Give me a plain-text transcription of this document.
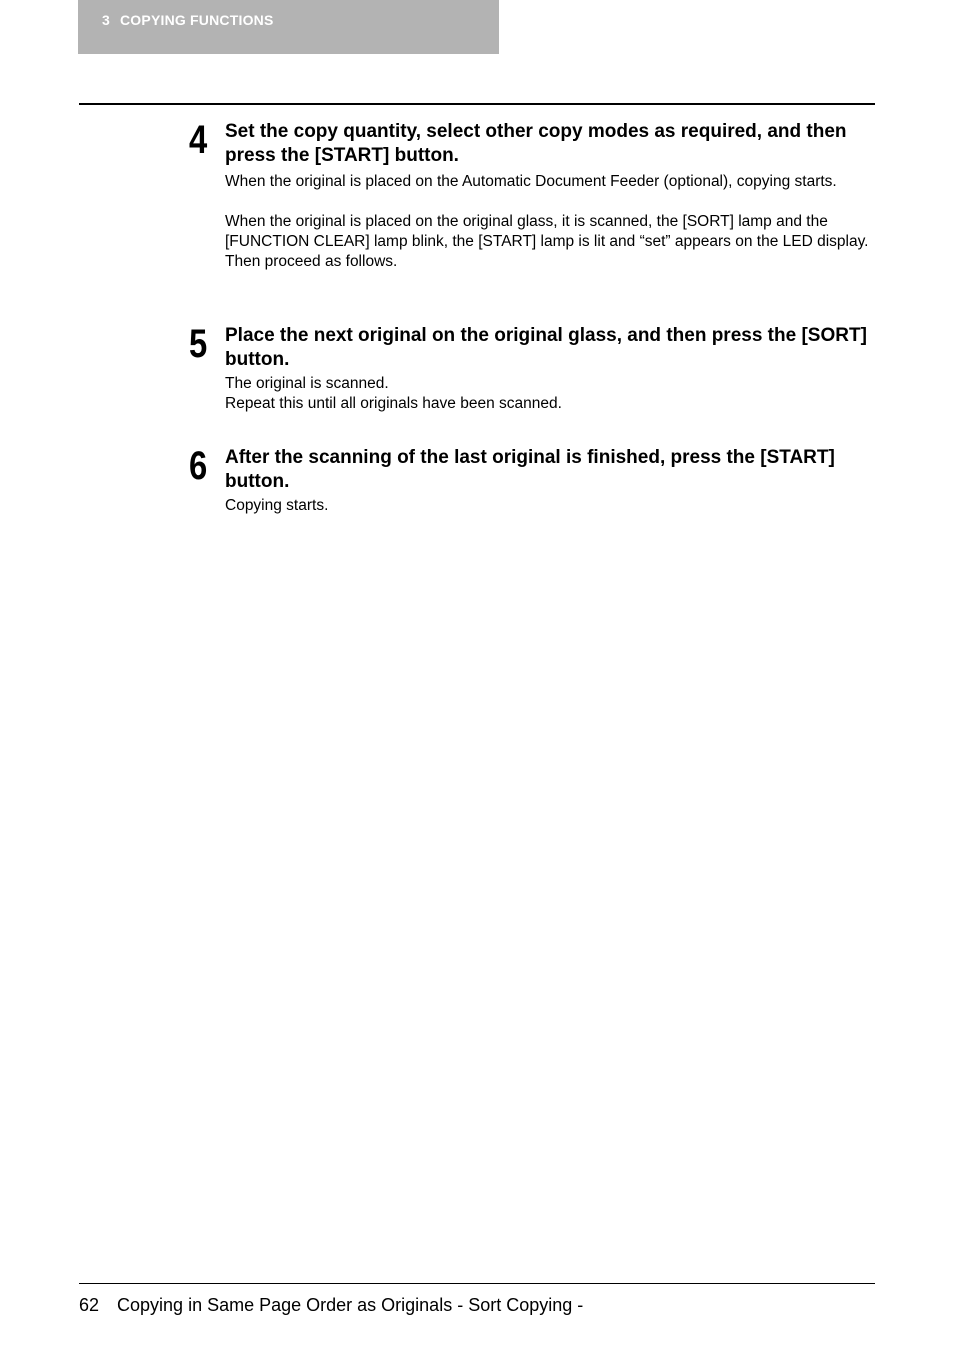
3 COPYING FUNCTIONS
4 Set the copy quantity, select other copy modes as required, and then press the [START] button.

When the original is placed on the Automatic Document Feeder (optional), copying starts.

When the original is placed on the original glass, it is scanned, the [SORT] lamp and the [FUNCTION CLEAR] lamp blink, the [START] lamp is lit and “set” appears on the LED display. Then proceed as follows.

5 Place the next original on the original glass, and then press the [SORT] button.

The original is scanned.

Repeat this until all originals have been scanned.

6 After the scanning of the last original is finished, press the [START] button.

Copying starts.

62 Copying in Same Page Order as Originals - Sort Copying -
